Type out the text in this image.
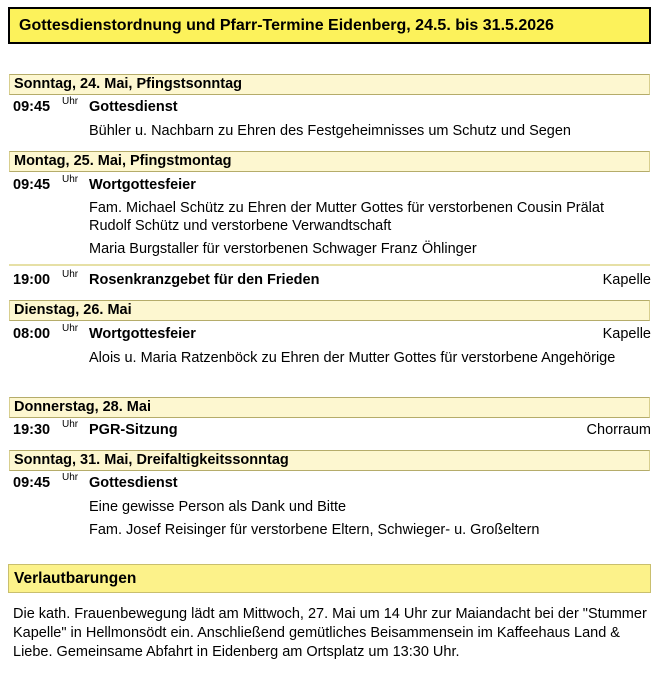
Gottesdienstordnung und Pfarr-Termine Eidenberg, 24.5. bis 31.5.2026
Sonntag, 24. Mai, Pfingstsonntag
09:45 Uhr Gottesdienst
Bühler u. Nachbarn zu Ehren des Festgeheimnisses um Schutz und Segen
Montag, 25. Mai, Pfingstmontag
09:45 Uhr Wortgottesfeier
Fam. Michael Schütz zu Ehren der Mutter Gottes für verstorbenen Cousin Prälat Rudolf Schütz und verstorbene Verwandtschaft
Maria Burgstaller für verstorbenen Schwager Franz Öhlinger
19:00 Uhr Rosenkranzgebet für den Frieden	Kapelle
Dienstag, 26. Mai
08:00 Uhr Wortgottesfeier	Kapelle
Alois u. Maria Ratzenböck zu Ehren der Mutter Gottes für verstorbene Angehörige
Donnerstag, 28. Mai
19:30 Uhr PGR-Sitzung	Chorraum
Sonntag, 31. Mai, Dreifaltigkeitssonntag
09:45 Uhr Gottesdienst
Eine gewisse Person als Dank und Bitte
Fam. Josef Reisinger für verstorbene Eltern, Schwieger- u. Großeltern
Verlautbarungen
Die kath. Frauenbewegung lädt am Mittwoch, 27. Mai um 14 Uhr zur Maiandacht bei der "Stummer Kapelle" in Hellmonsödt ein. Anschließend gemütliches Beisammensein im Kaffeehaus Land & Liebe. Gemeinsame Abfahrt in Eidenberg am Ortsplatz um 13:30 Uhr.
